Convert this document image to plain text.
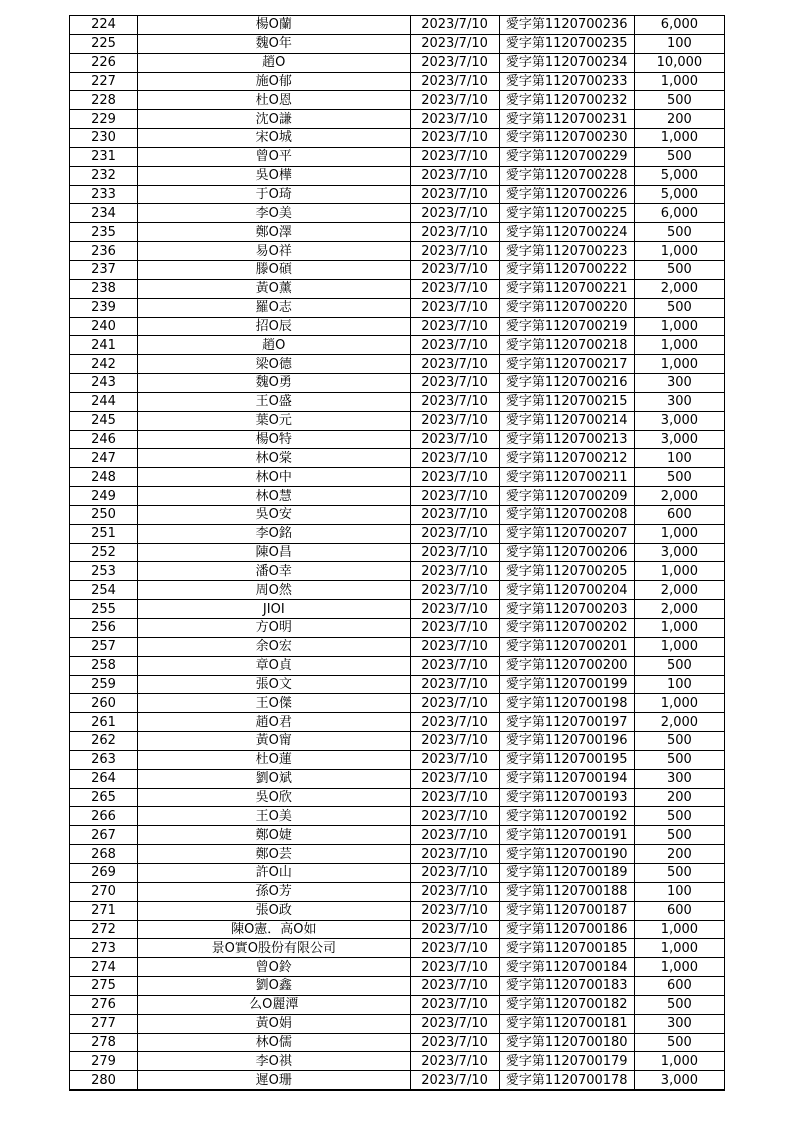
224	楊O蘭	2023/7/10	愛字第1120700236	6,000
225	魏O年	2023/7/10	愛字第1120700235	100
226	趙O	2023/7/10	愛字第1120700234	10,000
227	施O郁	2023/7/10	愛字第1120700233	1,000
228	杜O恩	2023/7/10	愛字第1120700232	500
229	沈O謙	2023/7/10	愛字第1120700231	200
230	宋O城	2023/7/10	愛字第1120700230	1,000
231	曾O平	2023/7/10	愛字第1120700229	500
232	吳O樺	2023/7/10	愛字第1120700228	5,000
233	于O琦	2023/7/10	愛字第1120700226	5,000
234	李O美	2023/7/10	愛字第1120700225	6,000
235	鄭O澤	2023/7/10	愛字第1120700224	500
236	易O祥	2023/7/10	愛字第1120700223	1,000
237	滕O碩	2023/7/10	愛字第1120700222	500
238	黃O薰	2023/7/10	愛字第1120700221	2,000
239	羅O志	2023/7/10	愛字第1120700220	500
240	招O辰	2023/7/10	愛字第1120700219	1,000
241	趙O	2023/7/10	愛字第1120700218	1,000
242	梁O德	2023/7/10	愛字第1120700217	1,000
243	魏O勇	2023/7/10	愛字第1120700216	300
244	王O盛	2023/7/10	愛字第1120700215	300
245	葉O元	2023/7/10	愛字第1120700214	3,000
246	楊O特	2023/7/10	愛字第1120700213	3,000
247	林O棠	2023/7/10	愛字第1120700212	100
248	林O中	2023/7/10	愛字第1120700211	500
249	林O慧	2023/7/10	愛字第1120700209	2,000
250	吳O安	2023/7/10	愛字第1120700208	600
251	李O銘	2023/7/10	愛字第1120700207	1,000
252	陳O昌	2023/7/10	愛字第1120700206	3,000
253	潘O幸	2023/7/10	愛字第1120700205	1,000
254	周O然	2023/7/10	愛字第1120700204	2,000
255	JIOI	2023/7/10	愛字第1120700203	2,000
256	方O明	2023/7/10	愛字第1120700202	1,000
257	余O宏	2023/7/10	愛字第1120700201	1,000
258	章O貞	2023/7/10	愛字第1120700200	500
259	張O文	2023/7/10	愛字第1120700199	100
260	王O傑	2023/7/10	愛字第1120700198	1,000
261	趙O君	2023/7/10	愛字第1120700197	2,000
262	黃O甯	2023/7/10	愛字第1120700196	500
263	杜O蓮	2023/7/10	愛字第1120700195	500
264	劉O斌	2023/7/10	愛字第1120700194	300
265	吳O欣	2023/7/10	愛字第1120700193	200
266	王O美	2023/7/10	愛字第1120700192	500
267	鄭O婕	2023/7/10	愛字第1120700191	500
268	鄭O芸	2023/7/10	愛字第1120700190	200
269	許O山	2023/7/10	愛字第1120700189	500
270	孫O芳	2023/7/10	愛字第1120700188	100
271	張O政	2023/7/10	愛字第1120700187	600
272	陳O憲．高O如	2023/7/10	愛字第1120700186	1,000
273	景O實O股份有限公司	2023/7/10	愛字第1120700185	1,000
274	曾O鈴	2023/7/10	愛字第1120700184	1,000
275	劉O鑫	2023/7/10	愛字第1120700183	600
276	么O麗潭	2023/7/10	愛字第1120700182	500
277	黃O娟	2023/7/10	愛字第1120700181	300
278	林O儒	2023/7/10	愛字第1120700180	500
279	李O祺	2023/7/10	愛字第1120700179	1,000
280	遲O珊	2023/7/10	愛字第1120700178	3,000
